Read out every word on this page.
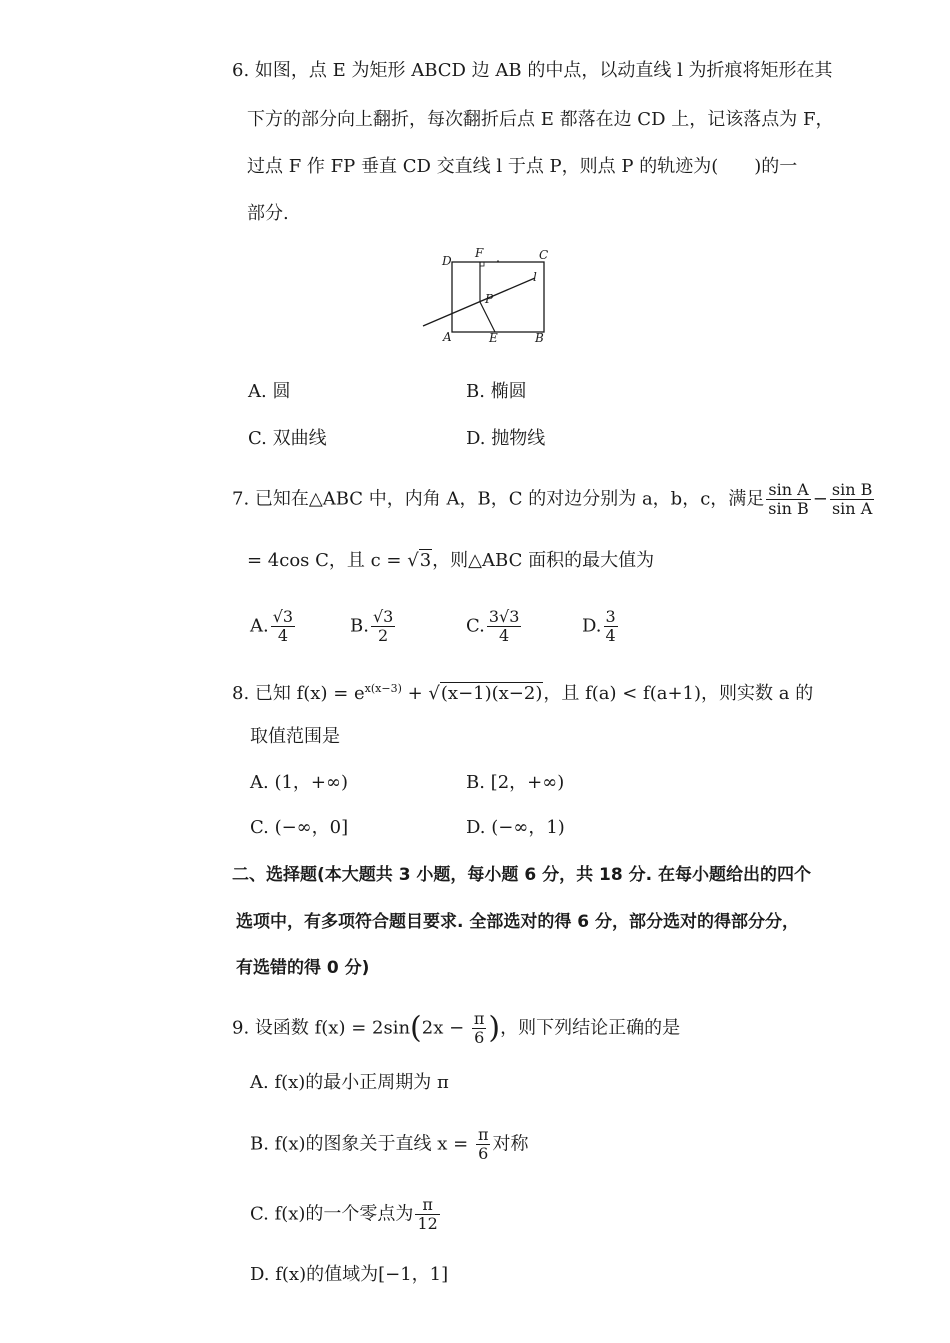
6. 如图，点 E 为矩形 ABCD 边 AB 的中点，以动直线 l 为折痕将矩形在其
下方的部分向上翻折，每次翻折后点 E 都落在边 CD 上，记该落点为 F，
过点 F 作 FP 垂直 CD 交直线 l 于点 P，则点 P 的轨迹为(　　)的一
部分.
D
F	C
l
P
A	E	B
A. 圆	B. 椭圆
C. 双曲线	D. 抛物线
7. 已知在△ABC 中，内角 A，B，C 的对边分别为 a，b，c，满足 $\frac{\text{sin A}}{\text{sin B}} - \frac{\text{sin B}}{\text{sin A}}$
= 4cos C，且 c = √3，则△ABC 面积的最大值为
A. $\frac{√3}{4}$	B. $\frac{√3}{2}$	C. $\frac{3√3}{4}$	D. $\frac{3}{4}$
8. 已知 $f(x) = e^{x(x-3)} + √(x-1)(x-2)$，且 f(a) < f(a+1)，则实数 a 的
取值范围是
A. (1，+∞)	B. [2，+∞)
C. (−∞，0]	D. (−∞，1)
二、选择题(本大题共 3 小题，每小题 6 分，共 18 分. 在每小题给出的四个
选项中，有多项符合题目要求. 全部选对的得 6 分，部分选对的得部分分，
有选错的得 0 分)
9. 设函数 $f(x) = 2\sin(2x - \frac{\pi}{6}$ )，则下列结论正确的是
A. f(x)的最小正周期为 π
B. f(x)的图象关于直线 $x = \frac{\pi}{6}$ 对称
C. f(x)的一个零点为 $\frac{\pi}{12}$
D. f(x)的值域为[−1，1]
